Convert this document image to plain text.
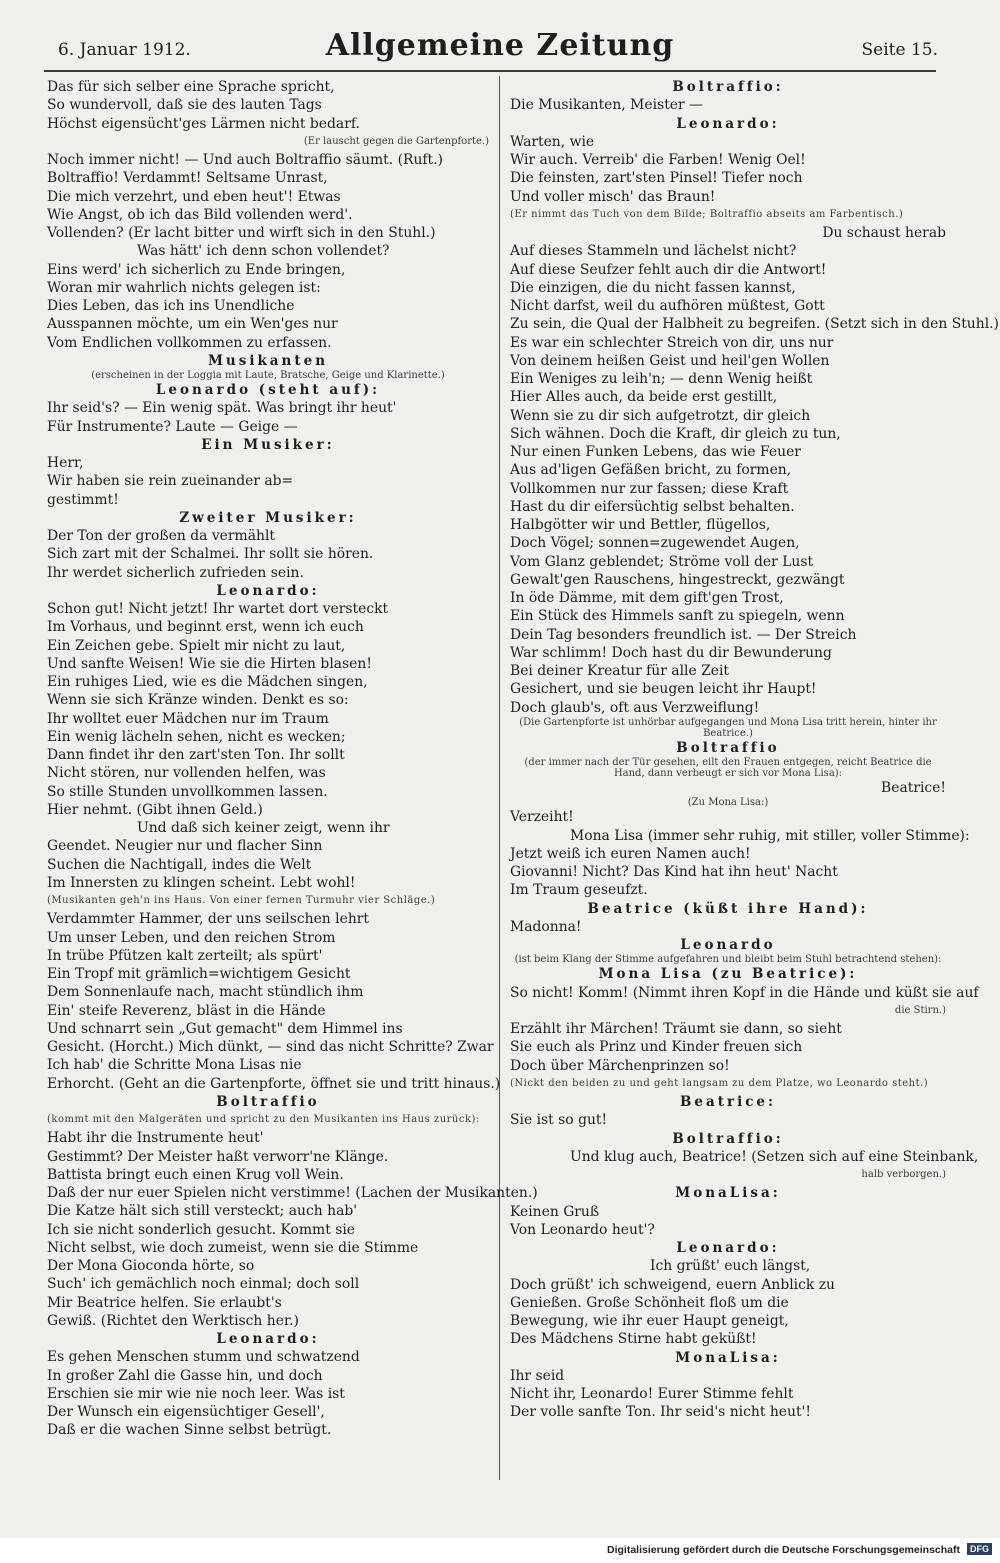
6. Januar 1912.	Allgemeine Zeitung	Seite 15.
Das für sich selber eine Sprache spricht,
So wundervoll, daß sie des lauten Tags
Höchst eigensücht'ges Lärmen nicht bedarf.
(Er lauscht gegen die Gartenpforte.)
Noch immer nicht! — Und auch Boltraffio säumt. (Ruft.)
Boltraffio! Verdammt! Seltsame Unrast,
Die mich verzehrt, und eben heut'! Etwas
Wie Angst, ob ich das Bild vollenden werd'.
Vollenden? (Er lacht bitter und wirft sich in den Stuhl.)
Was hätt' ich denn schon vollendet?
Eins werd' ich sicherlich zu Ende bringen,
Woran mir wahrlich nichts gelegen ist:
Dies Leben, das ich ins Unendliche
Ausspannen möchte, um ein Wen'ges nur
Vom Endlichen vollkommen zu erfassen.
Musikanten
(erscheinen in der Loggia mit Laute, Bratsche, Geige und Klarinette.)
Leonardo (steht auf):
Ihr seid's? — Ein wenig spät. Was bringt ihr heut'
Für Instrumente? Laute — Geige —
Ein Musiker:
Herr,
Wir haben sie rein zueinander ab=
gestimmt!
Zweiter Musiker:
Der Ton der großen da vermählt
Sich zart mit der Schalmei. Ihr sollt sie hören.
Ihr werdet sicherlich zufrieden sein.
Leonardo:
Schon gut! Nicht jetzt! Ihr wartet dort versteckt
Im Vorhaus, und beginnt erst, wenn ich euch
Ein Zeichen gebe. Spielt mir nicht zu laut,
Und sanfte Weisen! Wie sie die Hirten blasen!
Ein ruhiges Lied, wie es die Mädchen singen,
Wenn sie sich Kränze winden. Denkt es so:
Ihr wolltet euer Mädchen nur im Traum
Ein wenig lächeln sehen, nicht es wecken;
Dann findet ihr den zart'sten Ton. Ihr sollt
Nicht stören, nur vollenden helfen, was
So stille Stunden unvollkommen lassen.
Hier nehmt. (Gibt ihnen Geld.)
Und daß sich keiner zeigt, wenn ihr
Geendet. Neugier nur und flacher Sinn
Suchen die Nachtigall, indes die Welt
Im Innersten zu klingen scheint. Lebt wohl!
(Musikanten geh'n ins Haus. Von einer fernen Turmuhr vier Schläge.)
Verdammter Hammer, der uns seilschen lehrt
Um unser Leben, und den reichen Strom
In trübe Pfützen kalt zerteilt; als spürt'
Ein Tropf mit grämlich=wichtigem Gesicht
Dem Sonnenlaufe nach, macht stündlich ihm
Ein' steife Reverenz, bläst in die Hände
Und schnarrt sein „Gut gemacht" dem Himmel ins
Gesicht. (Horcht.) Mich dünkt, — sind das nicht Schritte? Zwar
Ich hab' die Schritte Mona Lisas nie
Erhorcht. (Geht an die Gartenpforte, öffnet sie und tritt hinaus.)
Boltraffio
(kommt mit den Malgeräten und spricht zu den Musikanten ins Haus zurück):
Habt ihr die Instrumente heut'
Gestimmt? Der Meister haßt verworr'ne Klänge.
Battista bringt euch einen Krug voll Wein.
Daß der nur euer Spielen nicht verstimme! (Lachen der Musikanten.)
Die Katze hält sich still versteckt; auch hab'
Ich sie nicht sonderlich gesucht. Kommt sie
Nicht selbst, wie doch zumeist, wenn sie die Stimme
Der Mona Gioconda hörte, so
Such' ich gemächlich noch einmal; doch soll
Mir Beatrice helfen. Sie erlaubt's
Gewiß. (Richtet den Werktisch her.)
Leonardo:
Es gehen Menschen stumm und schwatzend
In großer Zahl die Gasse hin, und doch
Erschien sie mir wie nie noch leer. Was ist
Der Wunsch ein eigensüchtiger Gesell',
Daß er die wachen Sinne selbst betrügt.
Boltraffio:
Die Musikanten, Meister —
Leonardo:
Warten, wie
Wir auch. Verreib' die Farben! Wenig Oel!
Die feinsten, zart'sten Pinsel! Tiefer noch
Und voller misch' das Braun!
(Er nimmt das Tuch von dem Bilde; Boltraffio abseits am Farbentisch.)
Du schaust herab
Auf dieses Stammeln und lächelst nicht?
Auf diese Seufzer fehlt auch dir die Antwort!
Die einzigen, die du nicht fassen kannst,
Nicht darfst, weil du aufhören müßtest, Gott
Zu sein, die Qual der Halbheit zu begreifen. (Setzt sich in den Stuhl.)
Es war ein schlechter Streich von dir, uns nur
Von deinem heißen Geist und heil'gen Wollen
Ein Weniges zu leih'n; — denn Wenig heißt
Hier Alles auch, da beide erst gestillt,
Wenn sie zu dir sich aufgetrotzt, dir gleich
Sich wähnen. Doch die Kraft, dir gleich zu tun,
Nur einen Funken Lebens, das wie Feuer
Aus ad'ligen Gefäßen bricht, zu formen,
Vollkommen nur zur fassen; diese Kraft
Hast du dir eifersüchtig selbst behalten.
Halbgötter wir und Bettler, flügellos,
Doch Vögel; sonnen=zugewendet Augen,
Vom Glanz geblendet; Ströme voll der Lust
Gewalt'gen Rauschens, hingestreckt, gezwängt
In öde Dämme, mit dem gift'gen Trost,
Ein Stück des Himmels sanft zu spiegeln, wenn
Dein Tag besonders freundlich ist. — Der Streich
War schlimm! Doch hast du dir Bewunderung
Bei deiner Kreatur für alle Zeit
Gesichert, und sie beugen leicht ihr Haupt!
Doch glaub's, oft aus Verzweiflung!
(Die Gartenpforte ist unhörbar aufgegangen und Mona Lisa tritt herein, hinter ihr Beatrice.)
Boltraffio
(der immer nach der Tür gesehen, eilt den Frauen entgegen, reicht Beatrice die Hand, dann verbeugt er sich vor Mona Lisa):
Beatrice!
(Zu Mona Lisa:)
Verzeiht!
Mona Lisa (immer sehr ruhig, mit stiller, voller Stimme):
Jetzt weiß ich euren Namen auch!
Giovanni! Nicht? Das Kind hat ihn heut' Nacht
Im Traum geseufzt.
Beatrice (küßt ihre Hand):
Madonna!
Leonardo
(ist beim Klang der Stimme aufgefahren und bleibt beim Stuhl betrachtend stehen):
Mona Lisa (zu Beatrice):
So nicht! Komm! (Nimmt ihren Kopf in die Hände und küßt sie auf
die Stirn.)
Erzählt ihr Märchen! Träumt sie dann, so sieht
Sie euch als Prinz und Kinder freuen sich
Doch über Märchenprinzen so!
(Nickt den beiden zu und geht langsam zu dem Platze, wo Leonardo steht.)
Beatrice:
Sie ist so gut!
Boltraffio:
Und klug auch, Beatrice! (Setzen sich auf eine Steinbank,
halb verborgen.)
MonaLisa:
Keinen Gruß
Von Leonardo heut'?
Leonardo:
Ich grüßt' euch längst,
Doch grüßt' ich schweigend, euern Anblick zu
Genießen. Große Schönheit floß um die
Bewegung, wie ihr euer Haupt geneigt,
Des Mädchens Stirne habt geküßt!
MonaLisa:
Ihr seid
Nicht ihr, Leonardo! Eurer Stimme fehlt
Der volle sanfte Ton. Ihr seid's nicht heut'!
Digitalisierung gefördert durch die Deutsche Forschungsgemeinschaft	DFG
